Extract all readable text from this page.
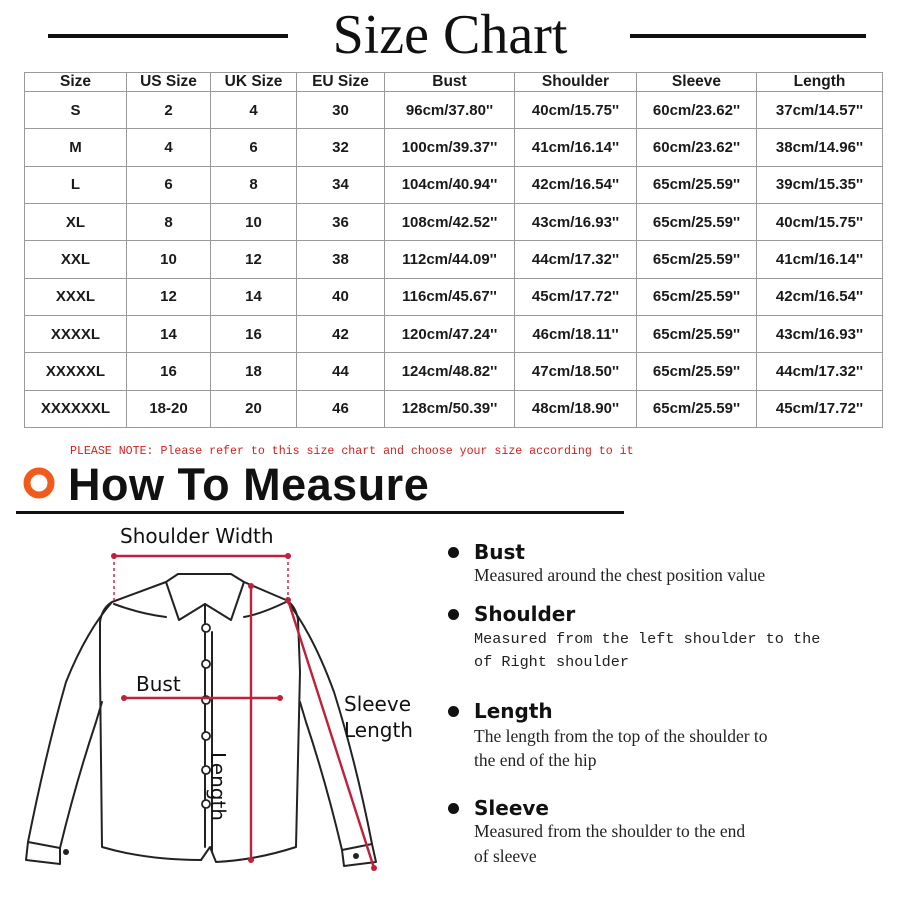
Size Chart
Size	US Size	UK Size	EU Size	Bust	Shoulder	Sleeve	Length
S	2	4	30	96cm/37.80''	40cm/15.75''	60cm/23.62''	37cm/14.57''
M	4	6	32	100cm/39.37''	41cm/16.14''	60cm/23.62''	38cm/14.96''
L	6	8	34	104cm/40.94''	42cm/16.54''	65cm/25.59''	39cm/15.35''
XL	8	10	36	108cm/42.52''	43cm/16.93''	65cm/25.59''	40cm/15.75''
XXL	10	12	38	112cm/44.09''	44cm/17.32''	65cm/25.59''	41cm/16.14''
XXXL	12	14	40	116cm/45.67''	45cm/17.72''	65cm/25.59''	42cm/16.54''
XXXXL	14	16	42	120cm/47.24''	46cm/18.11''	65cm/25.59''	43cm/16.93''
XXXXXL	16	18	44	124cm/48.82''	47cm/18.50''	65cm/25.59''	44cm/17.32''
XXXXXXL	18-20	20	46	128cm/50.39''	48cm/18.90''	65cm/25.59''	45cm/17.72''
PLEASE NOTE: Please refer to this size chart and choose your size according to it
How To Measure
Shoulder Width
Bust
Sleeve
Length
Length
Bust
Measured around the chest position value
Shoulder
Measured from the left shoulder to the
of Right shoulder
Length
The length from the top of the shoulder to
the end of the hip
Sleeve
Measured from the shoulder to the end
of sleeve
